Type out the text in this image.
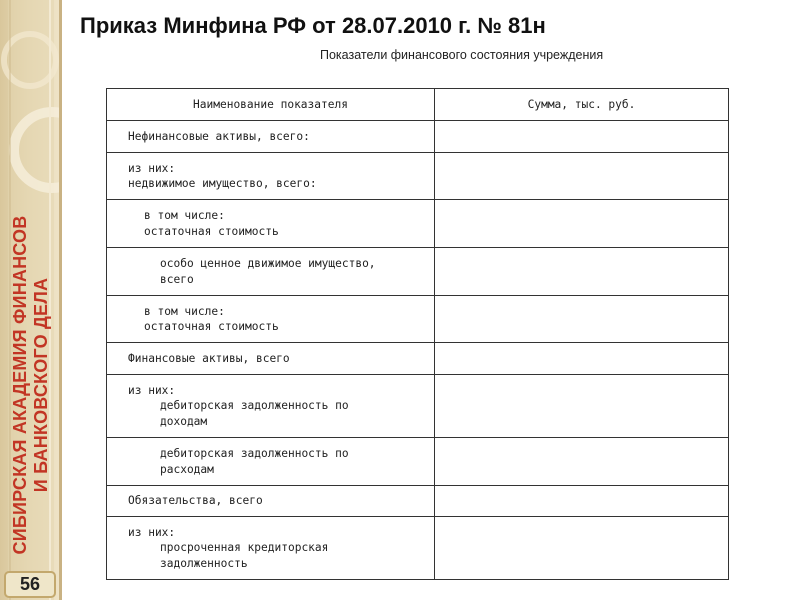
СИБИРСКАЯ АКАДЕМИЯ ФИНАНСОВ И БАНКОВСКОГО ДЕЛА
56
Приказ Минфина РФ от 28.07.2010 г. № 81н
Показатели финансового состояния учреждения
Наименование показателя	Сумма, тыс. руб.

Нефинансовые активы, всего:	

из них:
недвижимое имущество, всего:	

в том числе:
остаточная стоимость	

особо ценное движимое имущество,
всего	

в том числе:
остаточная стоимость	

Финансовые активы, всего	

из них:
дебиторская задолженность по
доходам	

дебиторская задолженность по
расходам	

Обязательства, всего	

из них:
просроченная кредиторская
задолженность	
